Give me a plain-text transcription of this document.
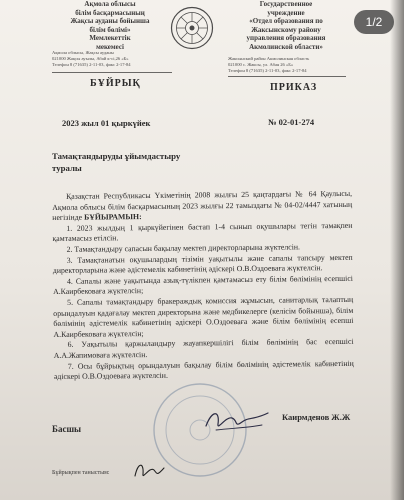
Ақмола облысы
білім басқармасының
Жақсы ауданы бойынша
білім бөлімі»
Мемлекеттік
мекемесі
Государственное
учреждение
«Отдел образования по
Жаксынскому району
управления образования
Акмолинской области»
Ақмола облысы, Жақсы ауданы
021000 Жақсы ауылы, Абай к-сі,26 «Б»
Телефон 8 (71635) 2-11-03, факс 2-17-84
Жаксынский район Акмолинская область
021000 с. Жаксы, ул. Абая 26 «Б»
Телефон 8 (71635) 2-11-03, факс 2-17-84
БҰЙРЫҚ	ПРИКАЗ
2023 жыл 01 қыркүйек	№ 02-01-274
Тамақтандыруды ұйымдастыру
туралы

Қазақстан Республикасы Үкіметінің 2008 жылғы 25 қаңтардағы № 64 Қаулысы, Ақмола облысы білім басқармасының 2023 жылғы 22 тамыздағы № 04-02/4447 хатының негізінде БҰЙЫРАМЫН:

1. 2023 жылдың 1 қыркүйегінен бастап 1-4 сынып оқушылары тегін тамақпен қамтамасыз етілсін.

2. Тамақтандыру сапасын бақылау мектеп директорларына жүктелсін.

3. Тамақтанатын оқушылардың тізімін уақытылы және сапалы тапсыру мектеп директорларына және әдістемелік кабинетінің әдіскері О.В.Оздоеваға жүктелсін.

4. Сапалы және уақытында азық-түлікпен қамтамасыз ету білім бөлімінің есепшісі А.Каирбековаға жүктелсін;

5. Сапалы тамақтандыру бракераждық комиссия жұмысын, санитарлық талаптың орындалуын қадағалау мектеп директорына және медбикелерге (келісім бойынша), білім бөлімінің әдістемелік кабинетінің әдіскері О.Оздоеваға және білім бөлімінің есепші А.Каирбековаға жүктелсін;

6. Уақытылы қаржыландыру жауапкершілігі білім бөлімінің бас есепшісі А.А.Жапимоваға жүктелсін.

7. Осы бұйрықтың орындалуын бақылау білім бөлімінің әдістемелік кабинетінің әдіскері О.В.Оздоеваға жүктелсін.

Басшы
Каирмденов Ж.Ж
Бұйрықпен таныстым:
1/2
